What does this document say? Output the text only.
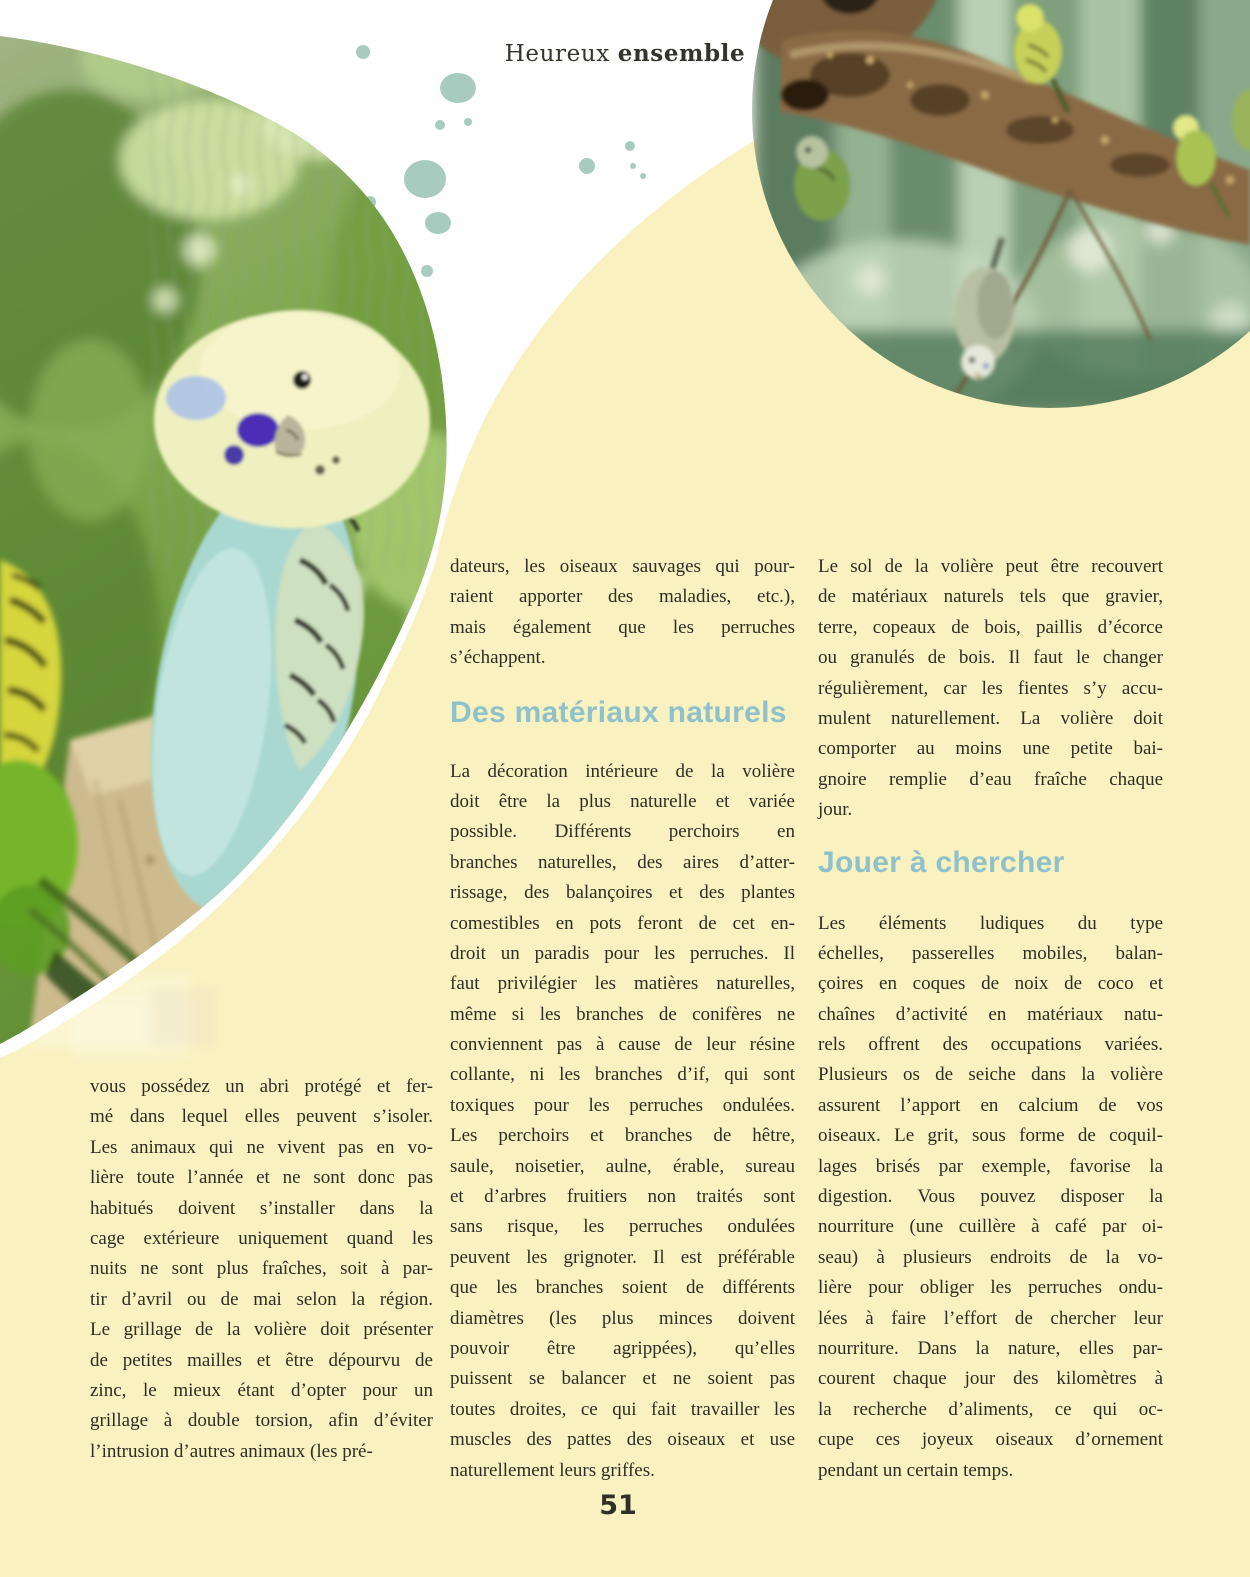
Heureux ensemble
vous possédez un abri protégé et fer-
mé dans lequel elles peuvent s’isoler.
Les animaux qui ne vivent pas en vo-
lière toute l’année et ne sont donc pas
habitués doivent s’installer dans la
cage extérieure uniquement quand les
nuits ne sont plus fraîches, soit à par-
tir d’avril ou de mai selon la région.
Le grillage de la volière doit présenter
de petites mailles et être dépourvu de
zinc, le mieux étant d’opter pour un
grillage à double torsion, afin d’éviter
l’intrusion d’autres animaux (les pré-
dateurs, les oiseaux sauvages qui pour-
raient apporter des maladies, etc.),
mais également que les perruches
s’échappent.
Des matériaux naturels
La décoration intérieure de la volière
doit être la plus naturelle et variée
possible. Différents perchoirs en
branches naturelles, des aires d’atter-
rissage, des balançoires et des plantes
comestibles en pots feront de cet en-
droit un paradis pour les perruches. Il
faut privilégier les matières naturelles,
même si les branches de conifères ne
conviennent pas à cause de leur résine
collante, ni les branches d’if, qui sont
toxiques pour les perruches ondulées.
Les perchoirs et branches de hêtre,
saule, noisetier, aulne, érable, sureau
et d’arbres fruitiers non traités sont
sans risque, les perruches ondulées
peuvent les grignoter. Il est préférable
que les branches soient de différents
diamètres (les plus minces doivent
pouvoir être agrippées), qu’elles
puissent se balancer et ne soient pas
toutes droites, ce qui fait travailler les
muscles des pattes des oiseaux et use
naturellement leurs griffes.
Le sol de la volière peut être recouvert
de matériaux naturels tels que gravier,
terre, copeaux de bois, paillis d’écorce
ou granulés de bois. Il faut le changer
régulièrement, car les fientes s’y accu-
mulent naturellement. La volière doit
comporter au moins une petite bai-
gnoire remplie d’eau fraîche chaque
jour.
Jouer à chercher
Les éléments ludiques du type
échelles, passerelles mobiles, balan-
çoires en coques de noix de coco et
chaînes d’activité en matériaux natu-
rels offrent des occupations variées.
Plusieurs os de seiche dans la volière
assurent l’apport en calcium de vos
oiseaux. Le grit, sous forme de coquil-
lages brisés par exemple, favorise la
digestion. Vous pouvez disposer la
nourriture (une cuillère à café par oi-
seau) à plusieurs endroits de la vo-
lière pour obliger les perruches ondu-
lées à faire l’effort de chercher leur
nourriture. Dans la nature, elles par-
courent chaque jour des kilomètres à
la recherche d’aliments, ce qui oc-
cupe ces joyeux oiseaux d’ornement
pendant un certain temps.
51
